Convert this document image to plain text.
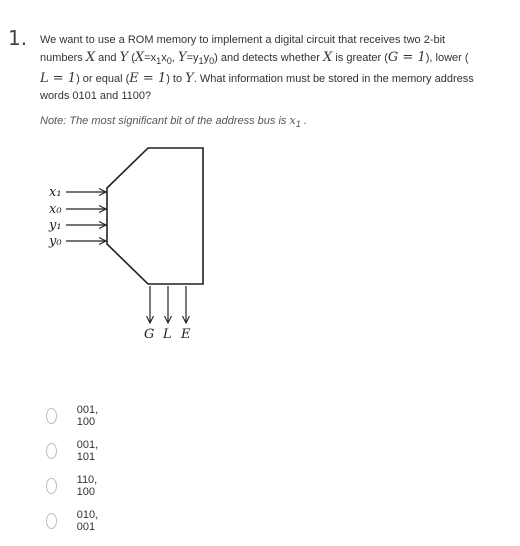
1. We want to use a ROM memory to implement a digital circuit that receives two 2-bit
numbers X and Y ($X=x_1x_0$, $Y=y_1y_0$) and detects whether X is greater (G = 1), lower (
L = 1) or equal (E = 1) to Y. What information must be stored in the memory address
words 0101 and 1100?
Note: The most significant bit of the address bus is $x_1$ .
x₁
x₀
y₁
y₀
G L E
001, 100
001, 101
110, 100
010, 001
